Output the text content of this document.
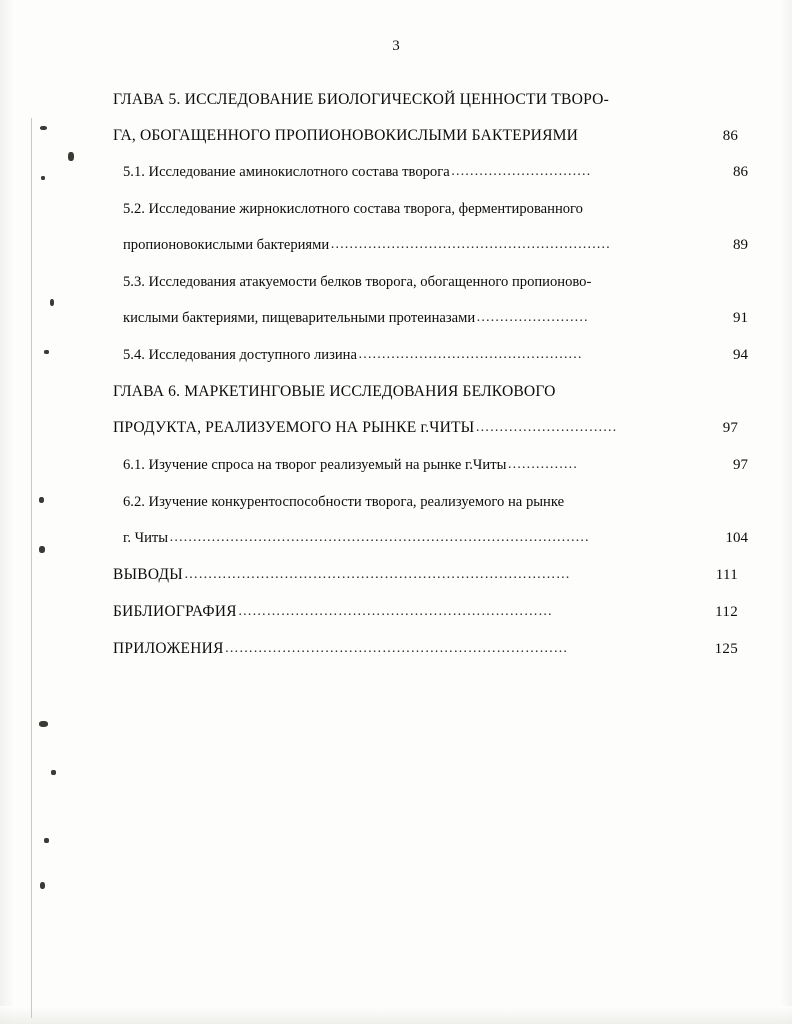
3
ГЛАВА 5. ИССЛЕДОВАНИЕ БИОЛОГИЧЕСКОЙ ЦЕННОСТИ ТВОРО-
ГА, ОБОГАЩЕННОГО ПРОПИОНОВОКИСЛЫМИ БАКТЕРИЯМИ	86
5.1. Исследование аминокислотного состава творога …………………………	86
5.2. Исследование жирнокислотного состава творога, ферментированного
пропионовокислыми бактериями ……………………………………………………	89
5.3. Исследования атакуемости белков творога, обогащенного пропионово-
кислыми бактериями, пищеварительными протеиназами ……………………	91
5.4. Исследования доступного лизина …………………………………………	94
ГЛАВА 6. МАРКЕТИНГОВЫЕ ИССЛЕДОВАНИЯ БЕЛКОВОГО
ПРОДУКТА, РЕАЛИЗУЕМОГО НА РЫНКЕ г.ЧИТЫ …………………………	97
6.1. Изучение спроса на творог реализуемый на рынке г.Читы ……………	97
6.2. Изучение конкурентоспособности творога, реализуемого на рынке
г. Читы ………………………………………………………………………………	104
ВЫВОДЫ ………………………………………………………………………	111
БИБЛИОГРАФИЯ …………………………………………………………	112
ПРИЛОЖЕНИЯ ………………………………………………………………	125
